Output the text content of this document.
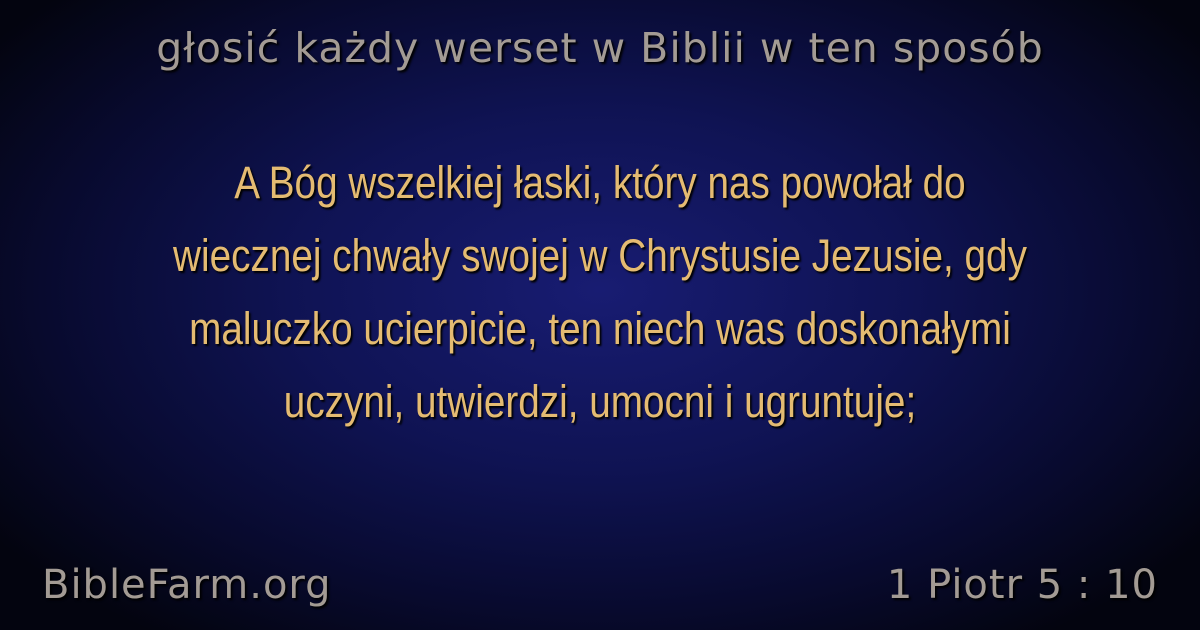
głosić każdy werset w Biblii w ten sposób
A Bóg wszelkiej łaski, który nas powołał do
wiecznej chwały swojej w Chrystusie Jezusie, gdy
maluczko ucierpicie, ten niech was doskonałymi
uczyni, utwierdzi, umocni i ugruntuje;
BibleFarm.org	1 Piotr 5 : 10
